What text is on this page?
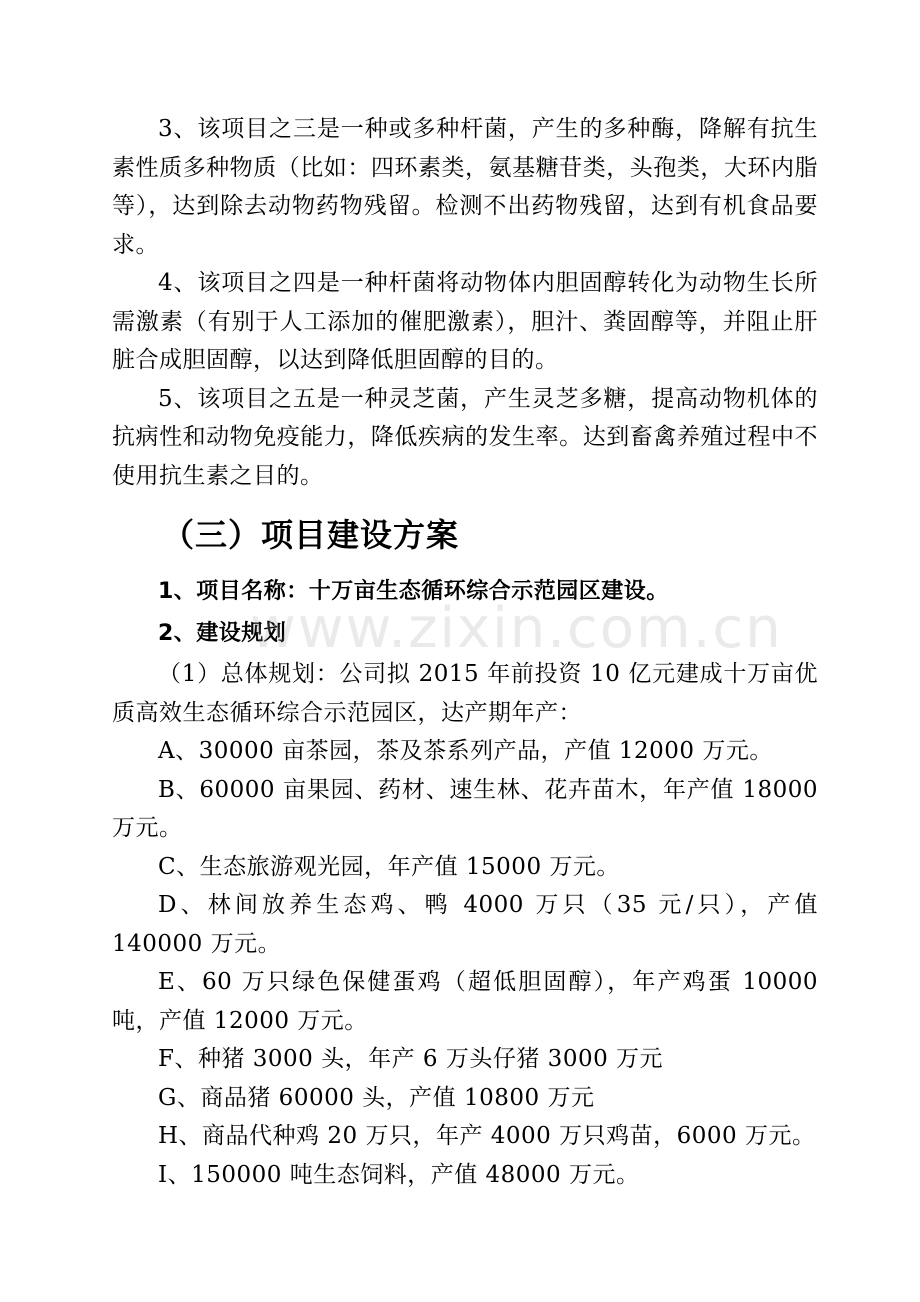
3、该项目之三是一种或多种杆菌，产生的多种酶，降解有抗生素性质多种物质（比如：四环素类，氨基糖苷类，头孢类，大环内脂等），达到除去动物药物残留。检测不出药物残留，达到有机食品要求。

4、该项目之四是一种杆菌将动物体内胆固醇转化为动物生长所需激素（有别于人工添加的催肥激素），胆汁、粪固醇等，并阻止肝脏合成胆固醇，以达到降低胆固醇的目的。

5、该项目之五是一种灵芝菌，产生灵芝多糖，提高动物机体的抗病性和动物免疫能力，降低疾病的发生率。达到畜禽养殖过程中不使用抗生素之目的。

（三）项目建设方案

1、项目名称：十万亩生态循环综合示范园区建设。

2、建设规划

（1）总体规划：公司拟 2015 年前投资 10 亿元建成十万亩优质高效生态循环综合示范园区，达产期年产：

A、30000 亩茶园，茶及茶系列产品，产值 12000 万元。

B、60000 亩果园、药材、速生林、花卉苗木，年产值 18000 万元。

C、生态旅游观光园，年产值 15000 万元。

D、林间放养生态鸡、鸭 4000 万只（35 元/只），产值 140000 万元。

E、60 万只绿色保健蛋鸡（超低胆固醇），年产鸡蛋 10000 吨，产值 12000 万元。

F、种猪 3000 头，年产 6 万头仔猪 3000 万元

G、商品猪 60000 头，产值 10800 万元

H、商品代种鸡 20 万只，年产 4000 万只鸡苗，6000 万元。

I、150000 吨生态饲料，产值 48000 万元。

www.zixin.com.cn
